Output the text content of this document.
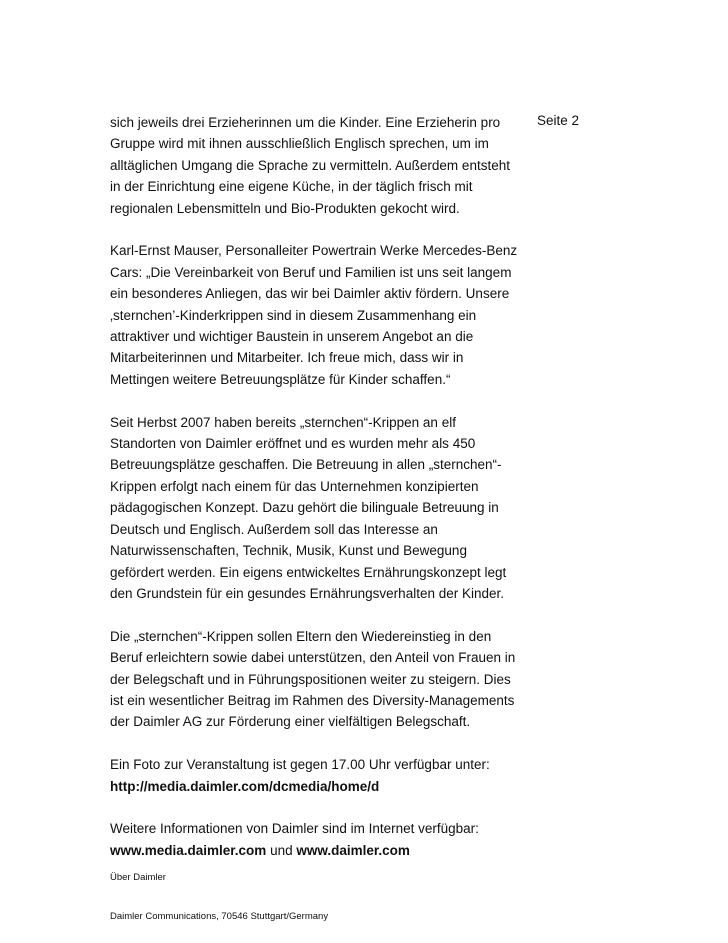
Seite 2
sich jeweils drei Erzieherinnen um die Kinder. Eine Erzieherin pro
Gruppe wird mit ihnen ausschließlich Englisch sprechen, um im
alltäglichen Umgang die Sprache zu vermitteln. Außerdem entsteht
in der Einrichtung eine eigene Küche, in der täglich frisch mit
regionalen Lebensmitteln und Bio-Produkten gekocht wird.
Karl-Ernst Mauser, Personalleiter Powertrain Werke Mercedes-Benz
Cars: „Die Vereinbarkeit von Beruf und Familien ist uns seit langem
ein besonderes Anliegen, das wir bei Daimler aktiv fördern. Unsere
‚sternchen’-Kinderkrippen sind in diesem Zusammenhang ein
attraktiver und wichtiger Baustein in unserem Angebot an die
Mitarbeiterinnen und Mitarbeiter. Ich freue mich, dass wir in
Mettingen weitere Betreuungsplätze für Kinder schaffen.“
Seit Herbst 2007 haben bereits „sternchen“-Krippen an elf
Standorten von Daimler eröffnet und es wurden mehr als 450
Betreuungsplätze geschaffen. Die Betreuung in allen „sternchen“-
Krippen erfolgt nach einem für das Unternehmen konzipierten
pädagogischen Konzept. Dazu gehört die bilinguale Betreuung in
Deutsch und Englisch. Außerdem soll das Interesse an
Naturwissenschaften, Technik, Musik, Kunst und Bewegung
gefördert werden. Ein eigens entwickeltes Ernährungskonzept legt
den Grundstein für ein gesundes Ernährungsverhalten der Kinder.
Die „sternchen“-Krippen sollen Eltern den Wiedereinstieg in den
Beruf erleichtern sowie dabei unterstützen, den Anteil von Frauen in
der Belegschaft und in Führungspositionen weiter zu steigern. Dies
ist ein wesentlicher Beitrag im Rahmen des Diversity-Managements
der Daimler AG zur Förderung einer vielfältigen Belegschaft.
Ein Foto zur Veranstaltung ist gegen 17.00 Uhr verfügbar unter:
http://media.daimler.com/dcmedia/home/d
Weitere Informationen von Daimler sind im Internet verfügbar:
www.media.daimler.com und www.daimler.com
Über Daimler
Daimler Communications, 70546 Stuttgart/Germany
